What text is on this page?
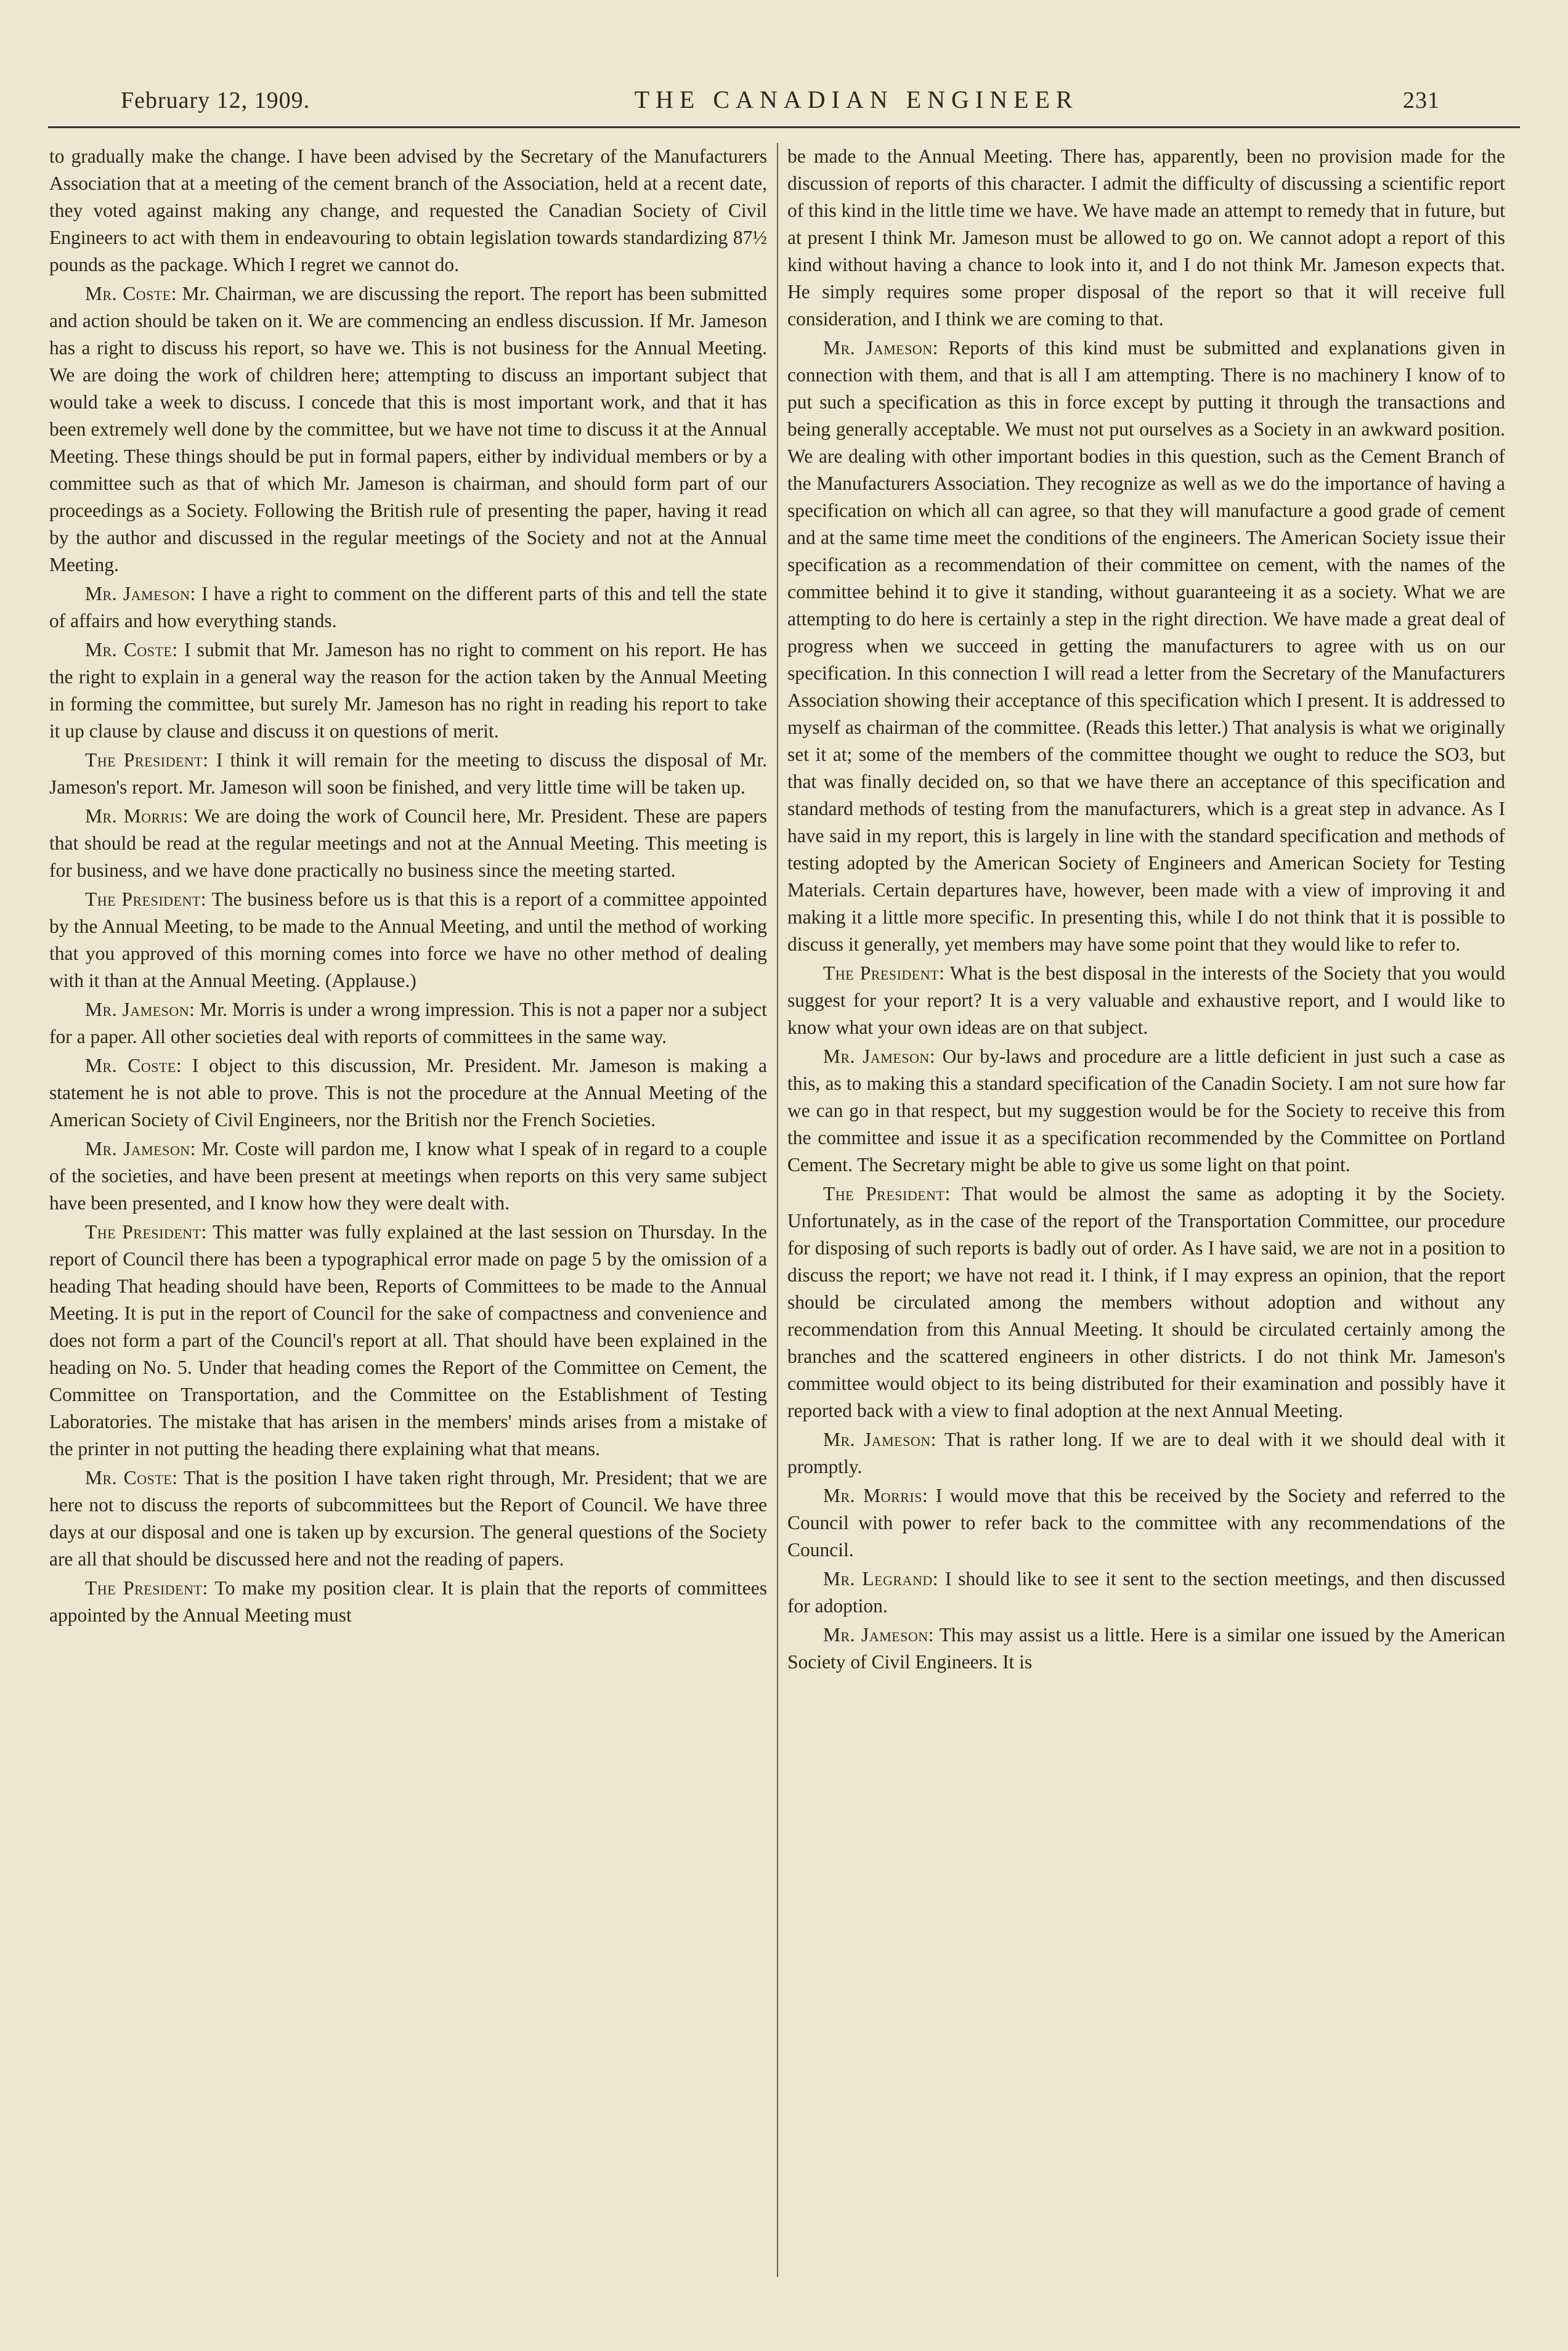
February 12, 1909.	THE CANADIAN ENGINEER	231

to gradually make the change. I have been advised by the Secretary of the Manufacturers Association that at a meeting of the cement branch of the Association, held at a recent date, they voted against making any change, and requested the Canadian Society of Civil Engineers to act with them in endeavouring to obtain legislation towards standardizing 87½ pounds as the package. Which I regret we cannot do.

Mr. Coste: Mr. Chairman, we are discussing the report. The report has been submitted and action should be taken on it. We are commencing an endless discussion. If Mr. Jameson has a right to discuss his report, so have we. This is not business for the Annual Meeting. We are doing the work of children here; attempting to discuss an important subject that would take a week to discuss. I concede that this is most important work, and that it has been extremely well done by the committee, but we have not time to discuss it at the Annual Meeting. These things should be put in formal papers, either by individual members or by a committee such as that of which Mr. Jameson is chairman, and should form part of our proceedings as a Society. Following the British rule of presenting the paper, having it read by the author and discussed in the regular meetings of the Society and not at the Annual Meeting.

Mr. Jameson: I have a right to comment on the different parts of this and tell the state of affairs and how everything stands.

Mr. Coste: I submit that Mr. Jameson has no right to comment on his report. He has the right to explain in a general way the reason for the action taken by the Annual Meeting in forming the committee, but surely Mr. Jameson has no right in reading his report to take it up clause by clause and discuss it on questions of merit.

The President: I think it will remain for the meeting to discuss the disposal of Mr. Jameson's report. Mr. Jameson will soon be finished, and very little time will be taken up.

Mr. Morris: We are doing the work of Council here, Mr. President. These are papers that should be read at the regular meetings and not at the Annual Meeting. This meeting is for business, and we have done practically no business since the meeting started.

The President: The business before us is that this is a report of a committee appointed by the Annual Meeting, to be made to the Annual Meeting, and until the method of working that you approved of this morning comes into force we have no other method of dealing with it than at the Annual Meeting. (Applause.)

Mr. Jameson: Mr. Morris is under a wrong impression. This is not a paper nor a subject for a paper. All other societies deal with reports of committees in the same way.

Mr. Coste: I object to this discussion, Mr. President. Mr. Jameson is making a statement he is not able to prove. This is not the procedure at the Annual Meeting of the American Society of Civil Engineers, nor the British nor the French Societies.

Mr. Jameson: Mr. Coste will pardon me, I know what I speak of in regard to a couple of the societies, and have been present at meetings when reports on this very same subject have been presented, and I know how they were dealt with.

The President: This matter was fully explained at the last session on Thursday. In the report of Council there has been a typographical error made on page 5 by the omission of a heading That heading should have been, Reports of Committees to be made to the Annual Meeting. It is put in the report of Council for the sake of compactness and convenience and does not form a part of the Council's report at all. That should have been explained in the heading on No. 5. Under that heading comes the Report of the Committee on Cement, the Committee on Transportation, and the Committee on the Establishment of Testing Laboratories. The mistake that has arisen in the members' minds arises from a mistake of the printer in not putting the heading there explaining what that means.

Mr. Coste: That is the position I have taken right through, Mr. President; that we are here not to discuss the reports of subcommittees but the Report of Council. We have three days at our disposal and one is taken up by excursion. The general questions of the Society are all that should be discussed here and not the reading of papers.

The President: To make my position clear. It is plain that the reports of committees appointed by the Annual Meeting must

be made to the Annual Meeting. There has, apparently, been no provision made for the discussion of reports of this character. I admit the difficulty of discussing a scientific report of this kind in the little time we have. We have made an attempt to remedy that in future, but at present I think Mr. Jameson must be allowed to go on. We cannot adopt a report of this kind without having a chance to look into it, and I do not think Mr. Jameson expects that. He simply requires some proper disposal of the report so that it will receive full consideration, and I think we are coming to that.

Mr. Jameson: Reports of this kind must be submitted and explanations given in connection with them, and that is all I am attempting. There is no machinery I know of to put such a specification as this in force except by putting it through the transactions and being generally acceptable. We must not put ourselves as a Society in an awkward position. We are dealing with other important bodies in this question, such as the Cement Branch of the Manufacturers Association. They recognize as well as we do the importance of having a specification on which all can agree, so that they will manufacture a good grade of cement and at the same time meet the conditions of the engineers. The American Society issue their specification as a recommendation of their committee on cement, with the names of the committee behind it to give it standing, without guaranteeing it as a society. What we are attempting to do here is certainly a step in the right direction. We have made a great deal of progress when we succeed in getting the manufacturers to agree with us on our specification. In this connection I will read a letter from the Secretary of the Manufacturers Association showing their acceptance of this specification which I present. It is addressed to myself as chairman of the committee. (Reads this letter.) That analysis is what we originally set it at; some of the members of the committee thought we ought to reduce the SO3, but that was finally decided on, so that we have there an acceptance of this specification and standard methods of testing from the manufacturers, which is a great step in advance. As I have said in my report, this is largely in line with the standard specification and methods of testing adopted by the American Society of Engineers and American Society for Testing Materials. Certain departures have, however, been made with a view of improving it and making it a little more specific. In presenting this, while I do not think that it is possible to discuss it generally, yet members may have some point that they would like to refer to.

The President: What is the best disposal in the interests of the Society that you would suggest for your report? It is a very valuable and exhaustive report, and I would like to know what your own ideas are on that subject.

Mr. Jameson: Our by-laws and procedure are a little deficient in just such a case as this, as to making this a standard specification of the Canadin Society. I am not sure how far we can go in that respect, but my suggestion would be for the Society to receive this from the committee and issue it as a specification recommended by the Committee on Portland Cement. The Secretary might be able to give us some light on that point.

The President: That would be almost the same as adopting it by the Society. Unfortunately, as in the case of the report of the Transportation Committee, our procedure for disposing of such reports is badly out of order. As I have said, we are not in a position to discuss the report; we have not read it. I think, if I may express an opinion, that the report should be circulated among the members without adoption and without any recommendation from this Annual Meeting. It should be circulated certainly among the branches and the scattered engineers in other districts. I do not think Mr. Jameson's committee would object to its being distributed for their examination and possibly have it reported back with a view to final adoption at the next Annual Meeting.

Mr. Jameson: That is rather long. If we are to deal with it we should deal with it promptly.

Mr. Morris: I would move that this be received by the Society and referred to the Council with power to refer back to the committee with any recommendations of the Council.

Mr. Legrand: I should like to see it sent to the section meetings, and then discussed for adoption.

Mr. Jameson: This may assist us a little. Here is a similar one issued by the American Society of Civil Engineers. It is
